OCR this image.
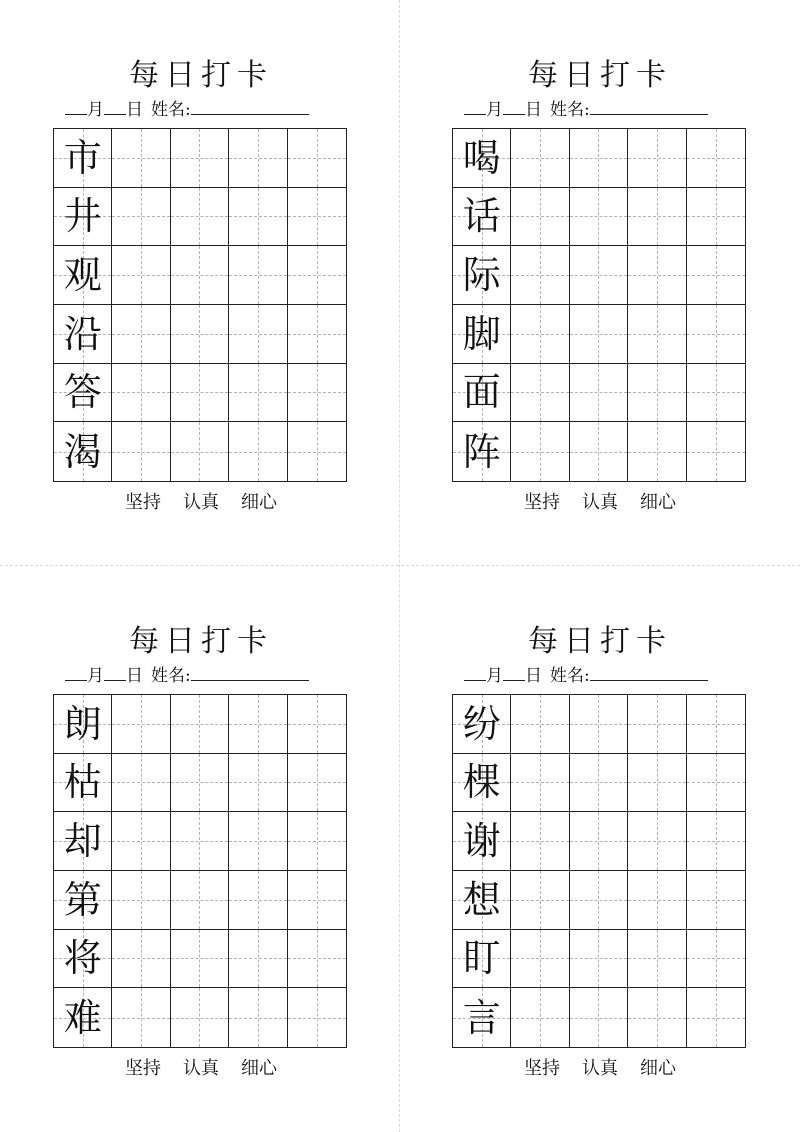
每日打卡
月 日 姓名:
市
井
观
沿
答
渴
坚持 认真 细心
每日打卡
月 日 姓名:
喝
话
际
脚
面
阵
坚持 认真 细心
每日打卡
月 日 姓名:
朗
枯
却
第
将
难
坚持 认真 细心
每日打卡
月 日 姓名:
纷
棵
谢
想
盯
言
坚持 认真 细心
